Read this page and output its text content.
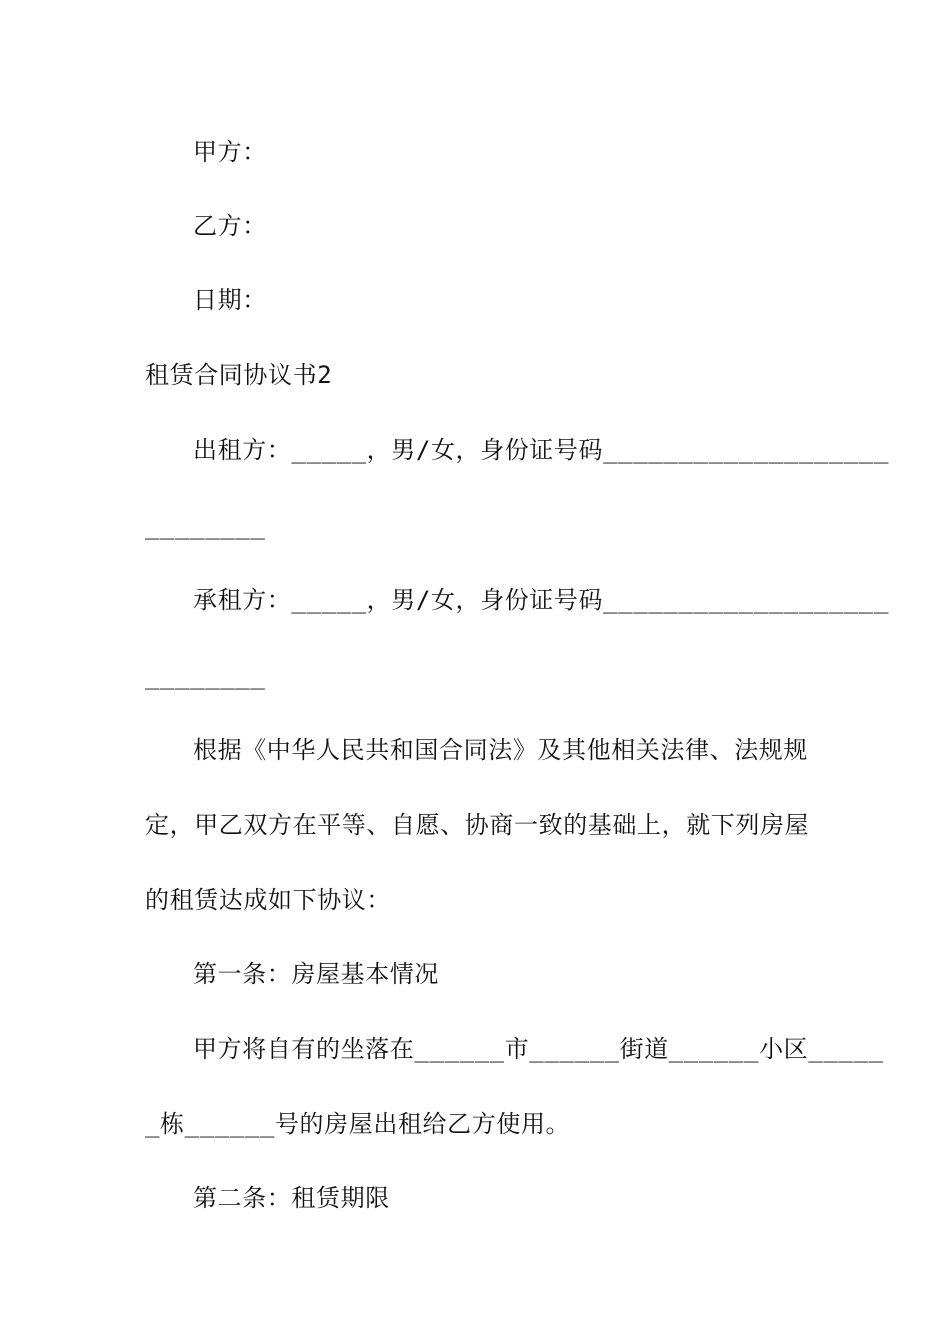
甲方：
乙方：
日期：
租赁合同协议书2
出租方：_____，男/女，身份证号码___________________
________
承租方：_____，男/女，身份证号码___________________
________
根据《中华人民共和国合同法》及其他相关法律、法规规
定，甲乙双方在平等、自愿、协商一致的基础上，就下列房屋
的租赁达成如下协议：
第一条：房屋基本情况
甲方将自有的坐落在______市______街道______小区_____
_栋______号的房屋出租给乙方使用。
第二条：租赁期限
